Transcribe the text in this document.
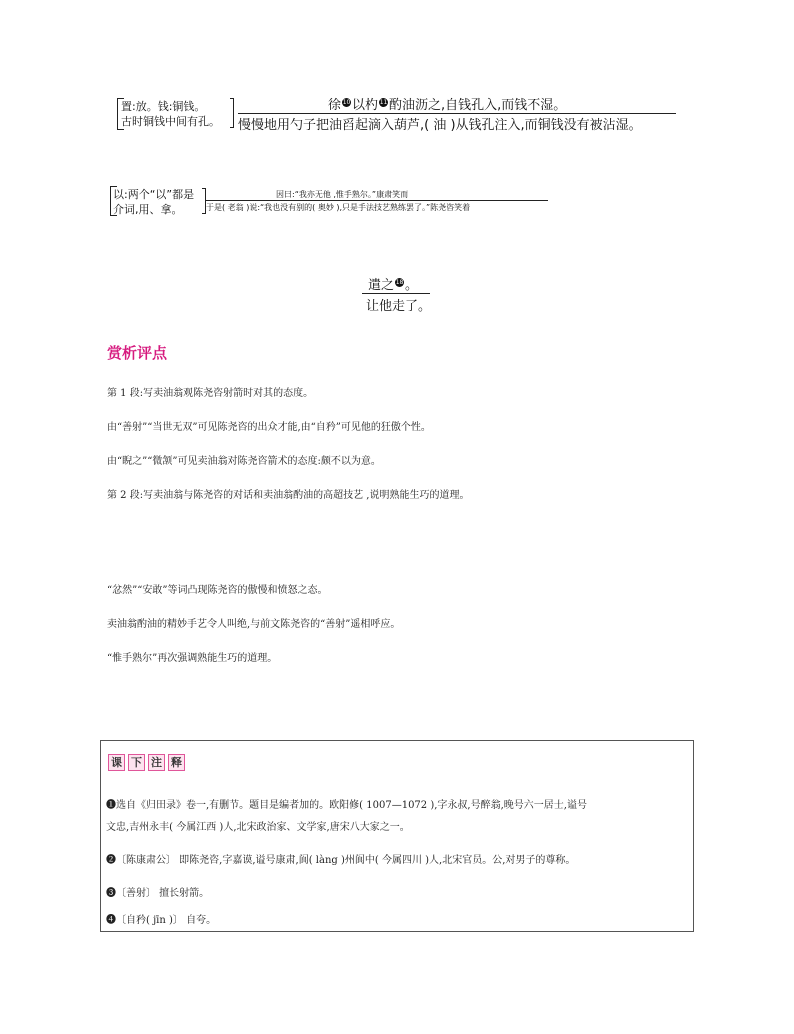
置:放。钱:铜钱。
古时铜钱中间有孔。
徐 10 以杓 11 酌油沥之,自钱孔入,而钱不湿。
慢慢地用勺子把油舀起滴入葫芦,( 油 )从钱孔注入,而铜钱没有被沾湿。
以:两个“以”都是
介词,用、拿。
因曰:“我亦无他 ,惟手熟尔。”康肃笑而
于是( 老翁 )说:“我也没有别的( 奥妙 ),只是手法技艺熟练罢了。”陈尧咨笑着
遣之 18 。
让他走了。
赏析评点
第 1 段:写卖油翁观陈尧咨射箭时对其的态度。
由“善射”“当世无双”可见陈尧咨的出众才能,由“自矜”可见他的狂傲个性。
由“睨之”“微颔”可见卖油翁对陈尧咨箭术的态度:颇不以为意。
第 2 段:写卖油翁与陈尧咨的对话和卖油翁酌油的高超技艺 ,说明熟能生巧的道理。
“忿然”“安敢”等词凸现陈尧咨的傲慢和愤怒之态。
卖油翁酌油的精妙手艺令人叫绝,与前文陈尧咨的“善射”遥相呼应。
“惟手熟尔”再次强调熟能生巧的道理。
课 下 注 释
❶选自《归田录》卷一,有删节。题目是编者加的。欧阳修( 1007—1072 ),字永叔,号醉翁,晚号六一居士,谥号
文忠,吉州永丰( 今属江西 )人,北宋政治家、文学家,唐宋八大家之一。
❷〔陈康肃公〕 即陈尧咨,字嘉谟,谥号康肃,阆( làng )州阆中( 今属四川 )人,北宋官员。公,对男子的尊称。
❸〔善射〕 擅长射箭。
❹〔自矜( jīn )〕 自夸。
